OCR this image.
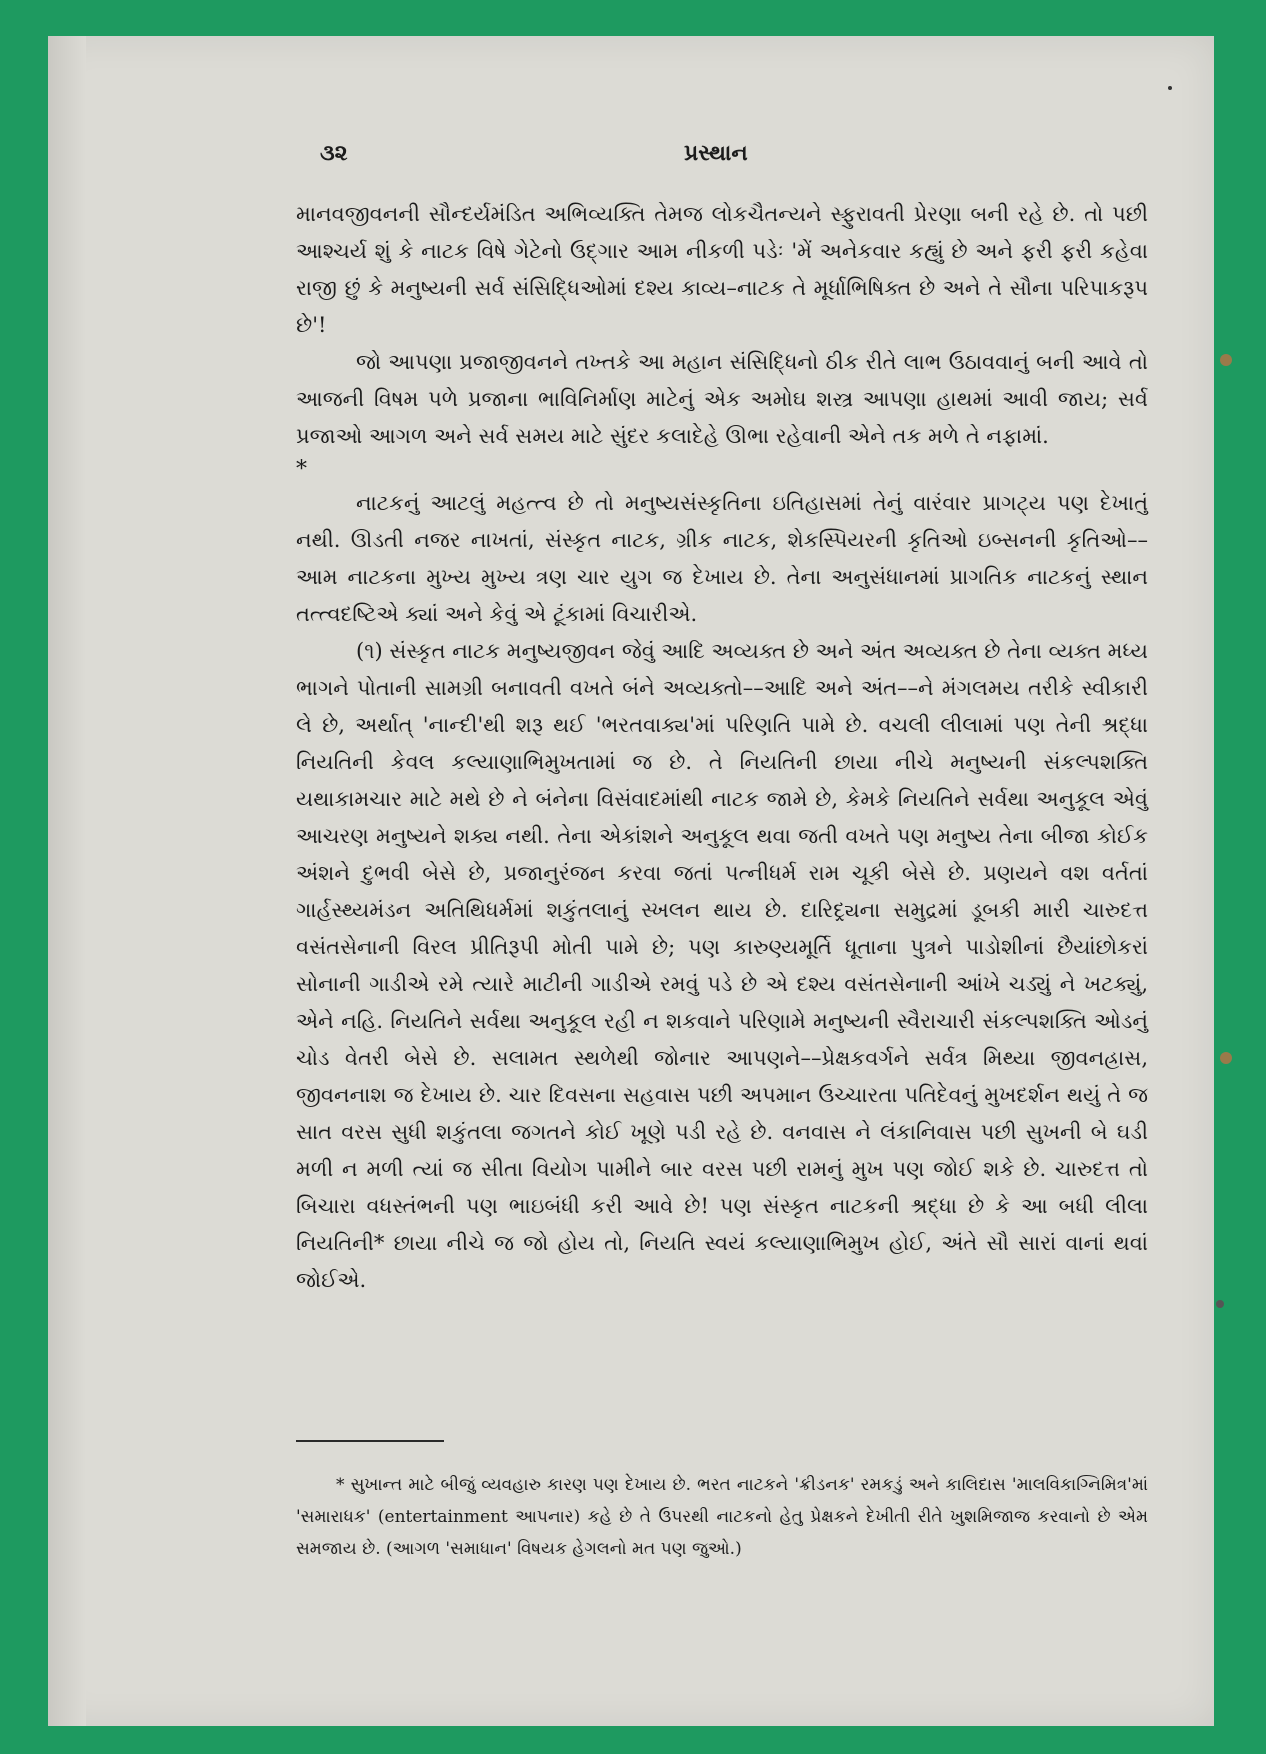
૩૨	પ્રસ્થાન

માનવજીવનની સૌન્દર્યમંડિત અભિવ્યક્તિ તેમજ લોકચૈતન્યને સ્ફુરાવતી પ્રેરણા બની રહે છે. તો પછી આશ્ચર્ય શું કે નાટક વિષે ગેટેનો ઉદ્ગાર આમ નીકળી પડેઃ 'મેં અનેકવાર કહ્યું છે અને ફરી ફરી કહેવા રાજી છું કે મનુષ્યની સર્વ સંસિદ્ધિઓમાં દશ્ય કાવ્ય–નાટક તે મૂર્ધાભિષિક્ત છે અને તે સૌના પરિપાકરૂપ છે'!

જો આપણા પ્રજાજીવનને તખ્તકે આ મહાન સંસિદ્ધિનો ઠીક રીતે લાભ ઉઠાવવાનું બની આવે તો આજની વિષમ પળે પ્રજાના ભાવિનિર્માણ માટેનું એક અમોઘ શસ્ત્ર આપણા હાથમાં આવી જાય; સર્વ પ્રજાઓ આગળ અને સર્વ સમય માટે સુંદર કલાદેહે ઊભા રહેવાની એને તક મળે તે નફામાં.

*

નાટકનું આટલું મહત્ત્વ છે તો મનુષ્યસંસ્કૃતિના ઇતિહાસમાં તેનું વારંવાર પ્રાગટ્ય પણ દેખાતું નથી. ઊડતી નજર નાખતાં, સંસ્કૃત નાટક, ગ્રીક નાટક, શેકસ્પિયરની કૃતિઓ ઇબ્સનની કૃતિઓ––આમ નાટકના મુખ્ય મુખ્ય ત્રણ ચાર યુગ જ દેખાય છે. તેના અનુસંધાનમાં પ્રાગતિક નાટકનું સ્થાન તત્ત્વદષ્ટિએ ક્યાં અને કેવું એ ટૂંકામાં વિચારીએ.

(૧) સંસ્કૃત નાટક મનુષ્યજીવન જેવું આદિ અવ્યક્ત છે અને અંત અવ્યક્ત છે તેના વ્યક્ત મધ્ય ભાગને પોતાની સામગ્રી બનાવતી વખતે બંને અવ્યક્તો––આદિ અને અંત––ને મંગલમય તરીકે સ્વીકારી લે છે, અર્થાત્ 'નાન્દી'થી શરૂ થઈ 'ભરતવાક્ય'માં પરિણતિ પામે છે. વચલી લીલામાં પણ તેની શ્રદ્ધા નિયતિની કેવલ કલ્યાણાભિમુખતામાં જ છે. તે નિયતિની છાયા નીચે મનુષ્યની સંકલ્પશક્તિ યથાકામચાર માટે મથે છે ને બંનેના વિસંવાદમાંથી નાટક જામે છે, કેમકે નિયતિને સર્વથા અનુકૂલ એવું આચરણ મનુષ્યને શક્ય નથી. તેના એકાંશને અનુકૂલ થવા જતી વખતે પણ મનુષ્ય તેના બીજા કોઈક અંશને દુભવી બેસે છે, પ્રજાનુરંજન કરવા જતાં પત્નીધર્મ રામ ચૂકી બેસે છે. પ્રણયને વશ વર્તતાં ગાર્હસ્થ્યમંડન અતિથિધર્મમાં શકુંતલાનું સ્ખલન થાય છે. દારિદ્ર્યના સમુદ્રમાં ડૂબકી મારી ચારુદત્ત વસંતસેનાની વિરલ પ્રીતિરૂપી મોતી પામે છે; પણ કારુણ્યમૂર્તિ ધૂતાના પુત્રને પાડોશીનાં છૈયાંછોકરાં સોનાની ગાડીએ રમે ત્યારે માટીની ગાડીએ રમવું પડે છે એ દશ્ય વસંતસેનાની આંખે ચડ્યું ને ખટક્યું, એને નહિ. નિયતિને સર્વથા અનુકૂલ રહી ન શકવાને પરિણામે મનુષ્યની સ્વૈરાચારી સંકલ્પશક્તિ ઓડનું ચોડ વેતરી બેસે છે. સલામત સ્થળેથી જોનાર આપણને––પ્રેક્ષકવર્ગને સર્વત્ર મિથ્યા જીવનહ્રાસ, જીવનનાશ જ દેખાય છે. ચાર દિવસના સહવાસ પછી અપમાન ઉચ્ચારતા પતિદેવનું મુખદર્શન થયું તે જ સાત વરસ સુધી શકુંતલા જગતને કોઈ ખૂણે પડી રહે છે. વનવાસ ને લંકાનિવાસ પછી સુખની બે ઘડી મળી ન મળી ત્યાં જ સીતા વિયોગ પામીને બાર વરસ પછી રામનું મુખ પણ જોઈ શકે છે. ચારુદત્ત તો બિચારા વધસ્તંભની પણ ભાઇબંધી કરી આવે છે! પણ સંસ્કૃત નાટકની શ્રદ્ધા છે કે આ બધી લીલા નિયતિની* છાયા નીચે જ જો હોય તો, નિયતિ સ્વયં કલ્યાણાભિમુખ હોઈ, અંતે સૌ સારાં વાનાં થવાં જોઈએ.

* સુખાન્ત માટે બીજું વ્યવહારુ કારણ પણ દેખાય છે. ભરત નાટકને 'ક્રીડનક' રમકડું અને કાલિદાસ 'માલવિકાગ્નિમિત્ર'માં 'સમારાધક' (entertainment આપનાર) કહે છે તે ઉપરથી નાટકનો હેતુ પ્રેક્ષકને દેખીતી રીતે ખુશમિજાજ કરવાનો છે એમ સમજાય છે. (આગળ 'સમાધાન' વિષયક હેગલનો મત પણ જુઓ.)
